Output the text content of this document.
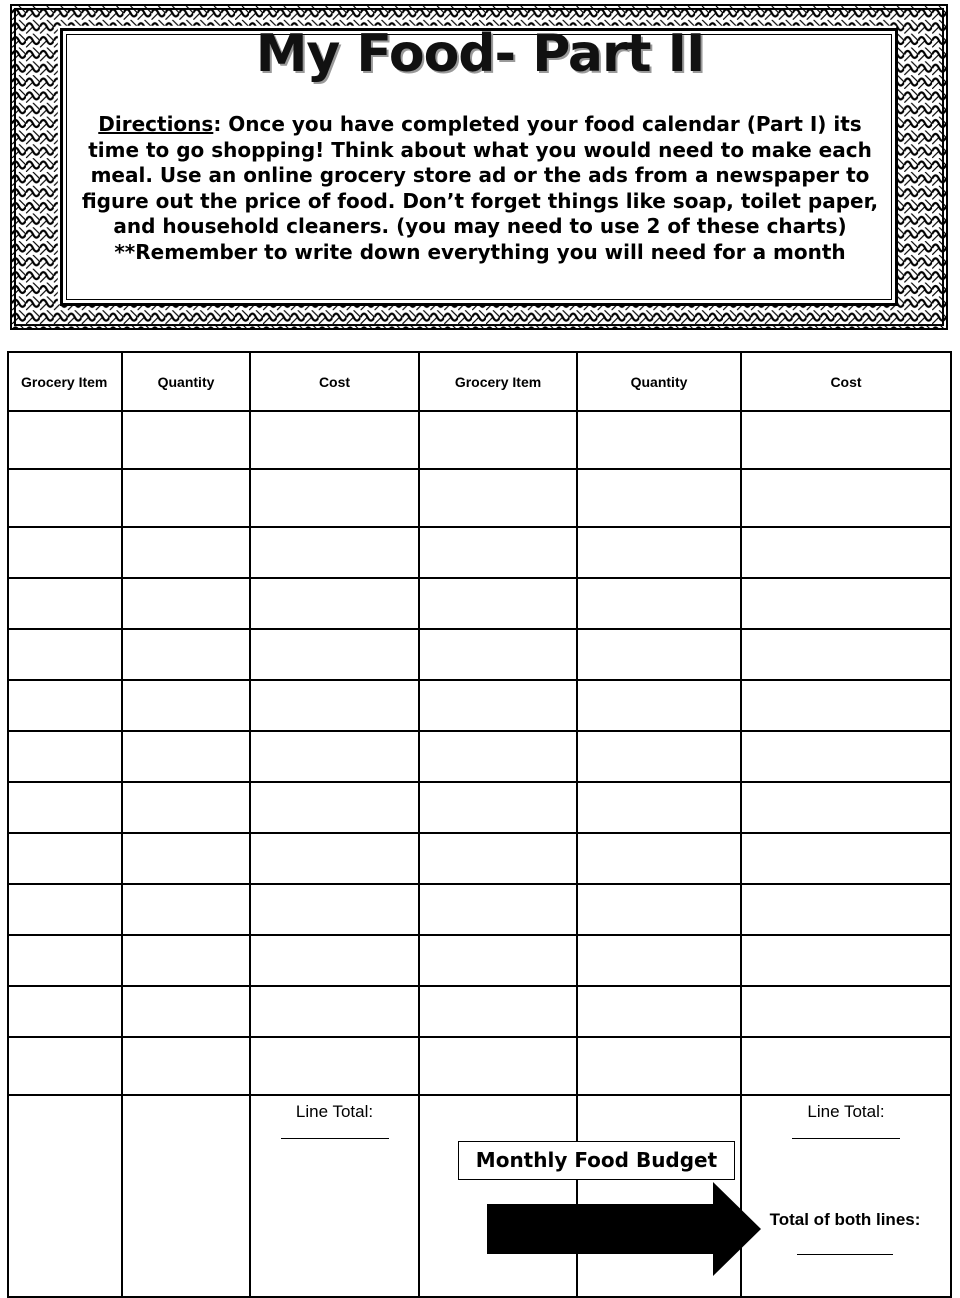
My Food- Part II

Directions: Once you have completed your food calendar (Part I) its time to go shopping! Think about what you would need to make each meal. Use an online grocery store ad or the ads from a newspaper to figure out the price of food. Don’t forget things like soap, toilet paper, and household cleaners. (you may need to use 2 of these charts)
**Remember to write down everything you will need for a month

Grocery Item	Quantity	Cost	Grocery Item	Quantity	Cost

		Line Total:			Line Total:
Monthly Food Budget
Total of both lines:
